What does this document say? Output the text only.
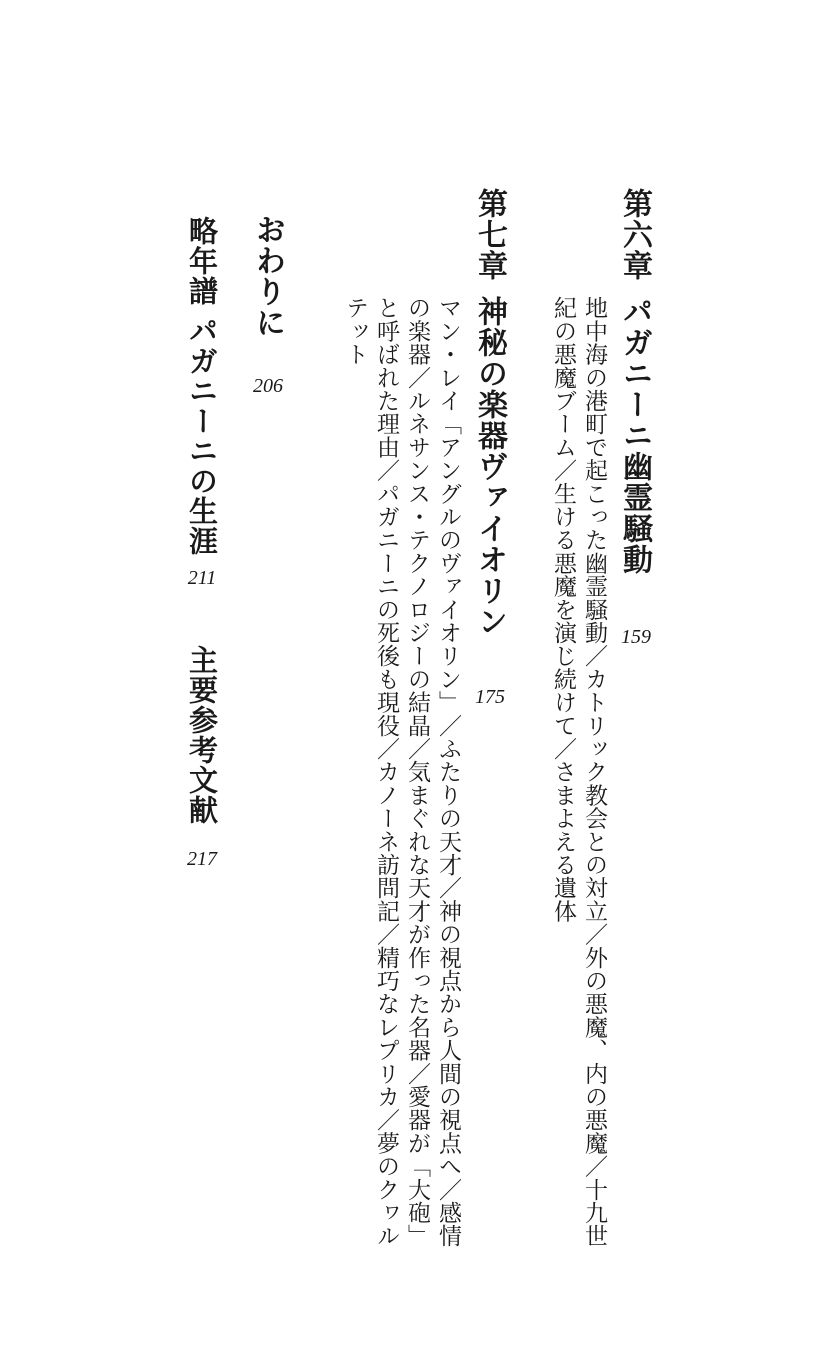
第六章
パガニーニ幽霊騒動
159
地中海の港町で起こった幽霊騒動／カトリック教会との対立／外の悪魔、内の悪魔／十九世紀の悪魔ブーム／生ける悪魔を演じ続けて／さまよえる遺体
第七章
神秘の楽器ヴァイオリン
175
マン・レイ「アングルのヴァイオリン」／ふたりの天才／神の視点から人間の視点へ／感情の楽器／ルネサンス・テクノロジーの結晶／気まぐれな天才が作った名器／愛器が「大砲」と呼ばれた理由／パガニーニの死後も現役／カノーネ訪問記／精巧なレプリカ／夢のクヮルテット
おわりに
206
略年譜
パガニーニの生涯
211
主要参考文献
217
